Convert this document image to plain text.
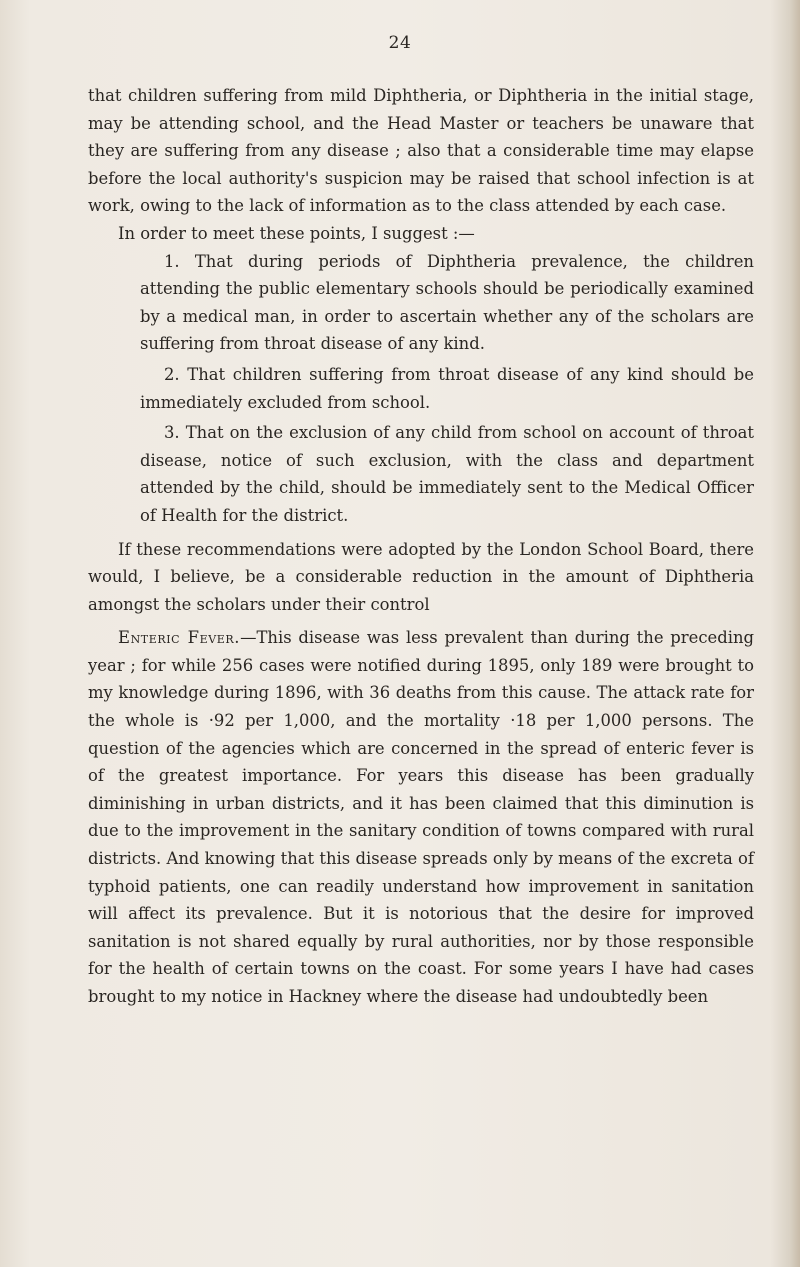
24

that children suffering from mild Diphtheria, or Diphtheria in the initial stage, may be attending school, and the Head Master or teachers be unaware that they are suffering from any disease ; also that a considerable time may elapse before the local authority's suspicion may be raised that school infection is at work, owing to the lack of information as to the class attended by each case.

In order to meet these points, I suggest :—

1. That during periods of Diphtheria prevalence, the children attending the public elementary schools should be periodically examined by a medical man, in order to ascertain whether any of the scholars are suffering from throat disease of any kind.

2. That children suffering from throat disease of any kind should be immediately excluded from school.

3. That on the exclusion of any child from school on account of throat disease, notice of such exclusion, with the class and department attended by the child, should be immediately sent to the Medical Officer of Health for the district.

If these recommendations were adopted by the London School Board, there would, I believe, be a considerable reduction in the amount of Diphtheria amongst the scholars under their control

Enteric Fever.—This disease was less prevalent than during the preceding year ; for while 256 cases were notified during 1895, only 189 were brought to my knowledge during 1896, with 36 deaths from this cause. The attack rate for the whole is ·92 per 1,000, and the mortality ·18 per 1,000 persons. The question of the agencies which are concerned in the spread of enteric fever is of the greatest importance. For years this disease has been gradually diminishing in urban districts, and it has been claimed that this diminution is due to the improvement in the sanitary condition of towns compared with rural districts. And knowing that this disease spreads only by means of the excreta of typhoid patients, one can readily understand how improvement in sanitation will affect its prevalence. But it is notorious that the desire for improved sanitation is not shared equally by rural authorities, nor by those responsible for the health of certain towns on the coast. For some years I have had cases brought to my notice in Hackney where the disease had undoubtedly been
